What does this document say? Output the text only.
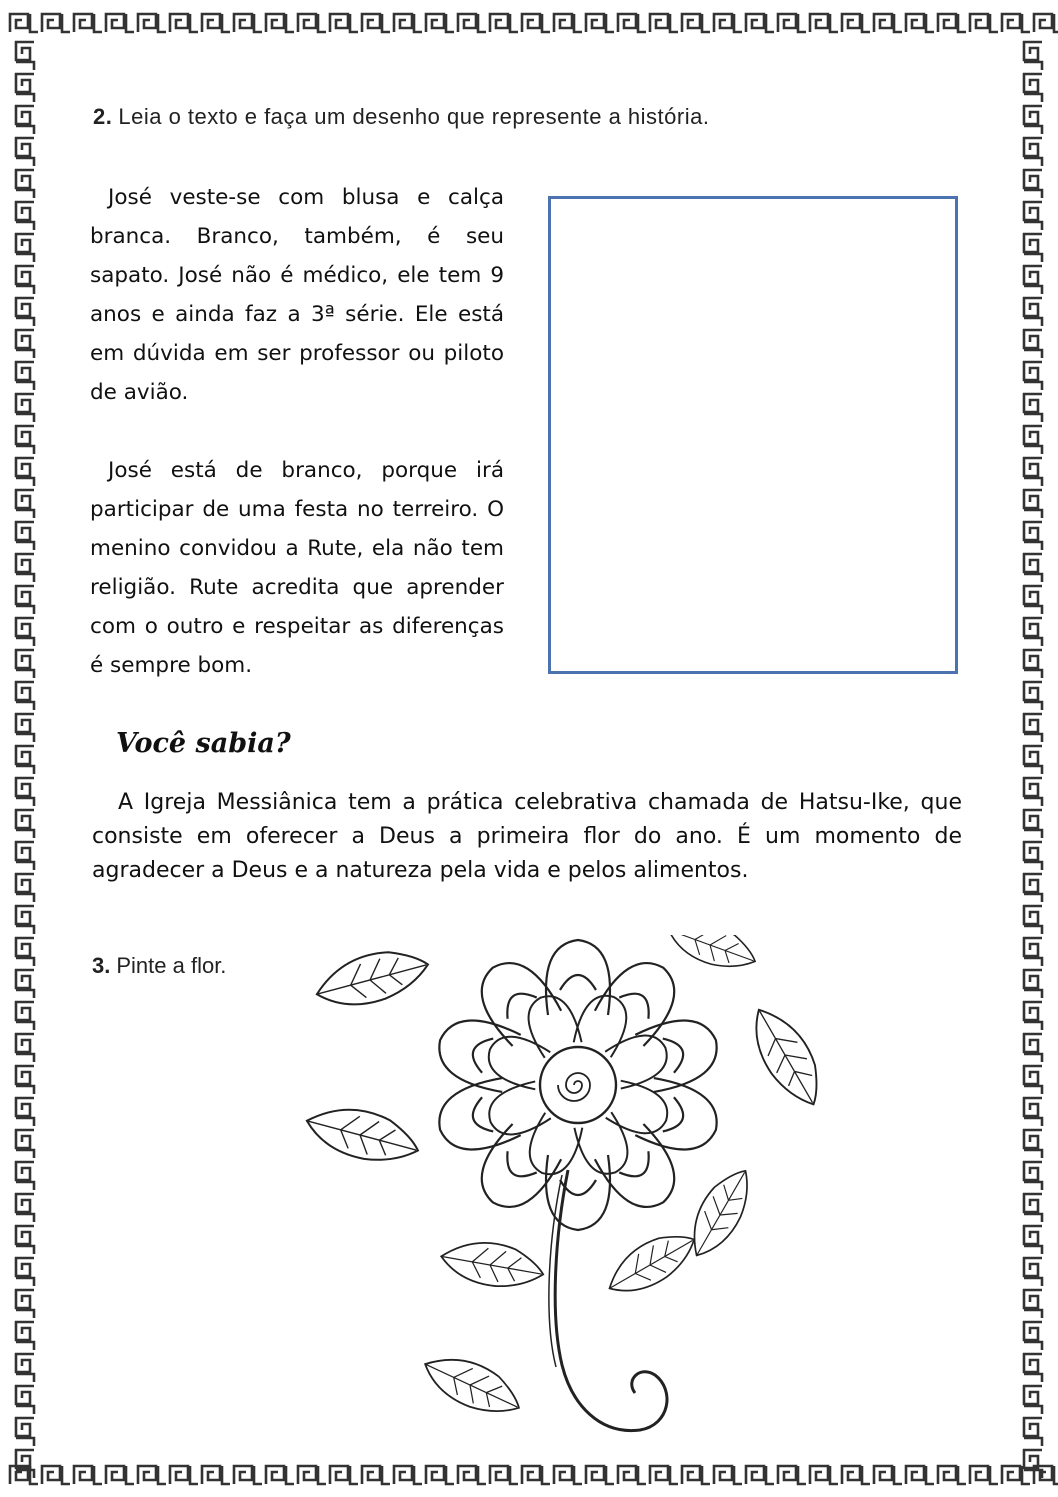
2. Leia o texto e faça um desenho que represente a história.

José veste-se com blusa e calça branca. Branco, também, é seu sapato. José não é médico, ele tem 9 anos e ainda faz a 3ª série. Ele está em dúvida em ser professor ou piloto de avião.

José está de branco, porque irá participar de uma festa no terreiro. O menino convidou a Rute, ela não tem religião. Rute acredita que aprender com o outro e respeitar as diferenças é sempre bom.

Você sabia?

A Igreja Messiânica tem a prática celebrativa chamada de Hatsu-Ike, que consiste em oferecer a Deus a primeira flor do ano. É um momento de agradecer a Deus e a natureza pela vida e pelos alimentos.

3. Pinte a flor.
